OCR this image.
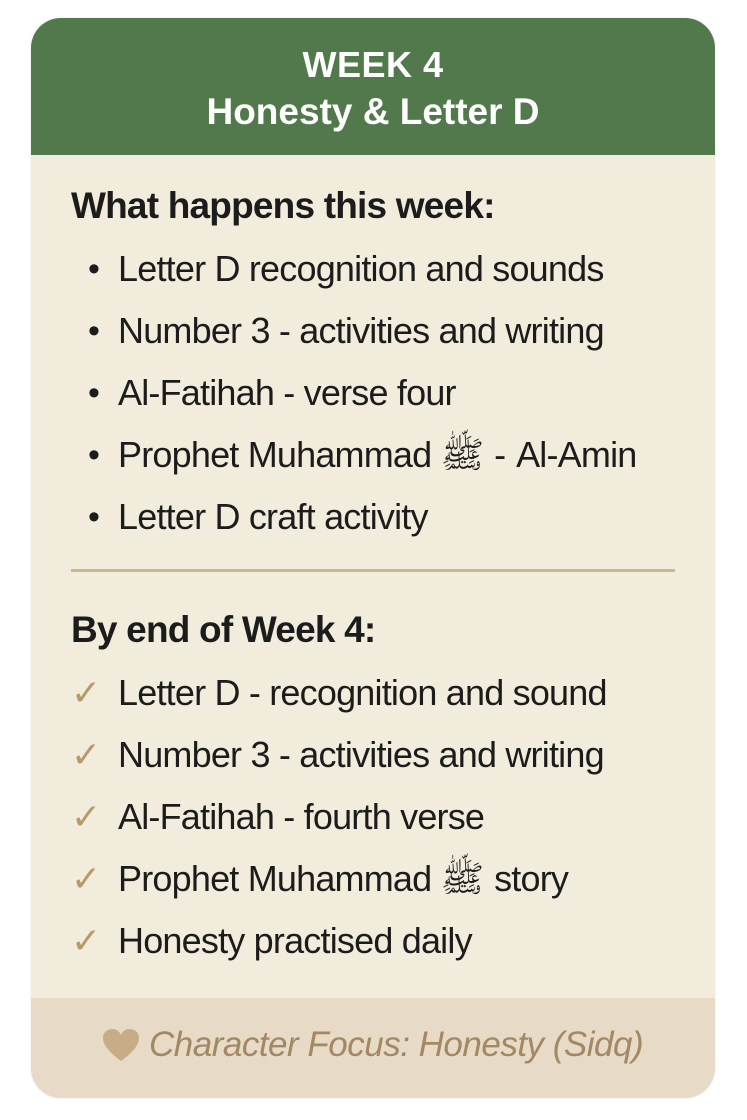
WEEK 4
Honesty & Letter D
What happens this week:
• Letter D recognition and sounds
• Number 3 - activities and writing
• Al-Fatihah - verse four
• Prophet Muhammad ﷺ - Al-Amin
• Letter D craft activity
By end of Week 4:
✓ Letter D - recognition and sound
✓ Number 3 - activities and writing
✓ Al-Fatihah - fourth verse
✓ Prophet Muhammad ﷺ story
✓ Honesty practised daily
Character Focus: Honesty (Sidq)
